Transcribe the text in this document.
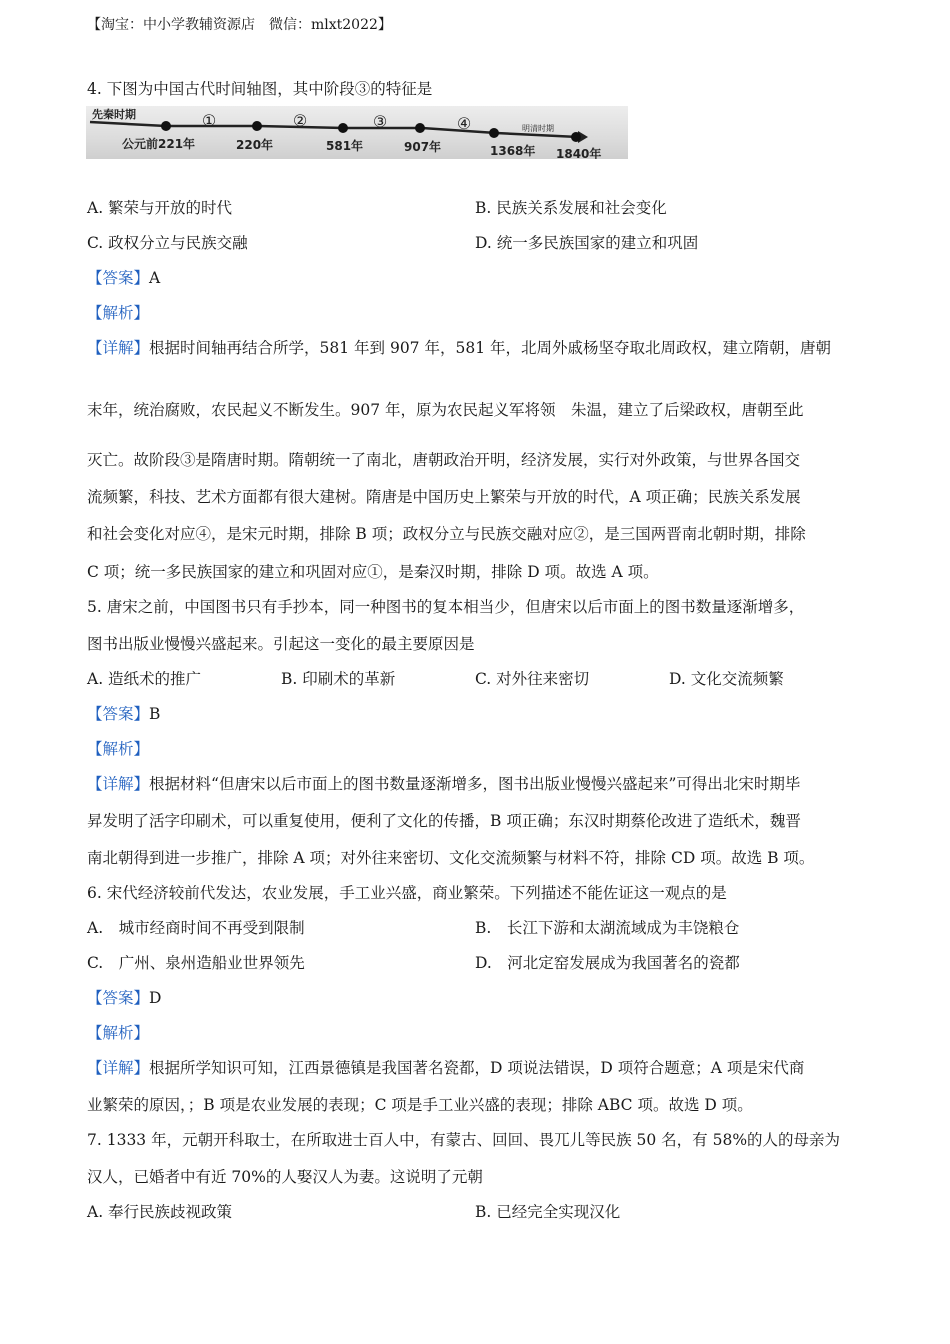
【淘宝：中小学教辅资源店　微信：mlxt2022】
4. 下图为中国古代时间轴图，其中阶段③的特征是
先秦时期
明清时期
①	②	③	④
公元前221年	220年	581年	907年	1368年 1840年
A. 繁荣与开放的时代	B. 民族关系发展和社会变化
C. 政权分立与民族交融	D. 统一多民族国家的建立和巩固
【答案】A
【解析】
【详解】根据时间轴再结合所学，581 年到 907 年，581 年，北周外戚杨坚夺取北周政权，建立隋朝，唐朝
末年，统治腐败，农民起义不断发生。907 年，原为农民起义军将领　朱温，建立了后梁政权，唐朝至此
灭亡。故阶段③是隋唐时期。隋朝统一了南北，唐朝政治开明，经济发展，实行对外政策，与世界各国交
流频繁，科技、艺术方面都有很大建树。隋唐是中国历史上繁荣与开放的时代，A 项正确；民族关系发展
和社会变化对应④，是宋元时期，排除 B 项；政权分立与民族交融对应②，是三国两晋南北朝时期，排除
C 项；统一多民族国家的建立和巩固对应①，是秦汉时期，排除 D 项。故选 A 项。
5. 唐宋之前，中国图书只有手抄本，同一种图书的复本相当少，但唐宋以后市面上的图书数量逐渐增多，
图书出版业慢慢兴盛起来。引起这一变化的最主要原因是
A. 造纸术的推广	B. 印刷术的革新	C. 对外往来密切	D. 文化交流频繁
【答案】B
【解析】
【详解】根据材料“但唐宋以后市面上的图书数量逐渐增多，图书出版业慢慢兴盛起来”可得出北宋时期毕
昇发明了活字印刷术，可以重复使用，便利了文化的传播，B 项正确；东汉时期蔡伦改进了造纸术，魏晋
南北朝得到进一步推广，排除 A 项；对外往来密切、文化交流频繁与材料不符，排除 CD 项。故选 B 项。
6. 宋代经济较前代发达，农业发展，手工业兴盛，商业繁荣。下列描述不能佐证这一观点的是
A.　城市经商时间不再受到限制	B.　长江下游和太湖流域成为丰饶粮仓
C.　广州、泉州造船业世界领先	D.　河北定窑发展成为我国著名的瓷都
【答案】D
【解析】
【详解】根据所学知识可知，江西景德镇是我国著名瓷都，D 项说法错误，D 项符合题意；A 项是宋代商
业繁荣的原因，；B 项是农业发展的表现；C 项是手工业兴盛的表现；排除 ABC 项。故选 D 项。
7. 1333 年，元朝开科取士，在所取进士百人中，有蒙古、回回、畏兀儿等民族 50 名，有 58%的人的母亲为
汉人，已婚者中有近 70%的人娶汉人为妻。这说明了元朝
A. 奉行民族歧视政策	B. 已经完全实现汉化
